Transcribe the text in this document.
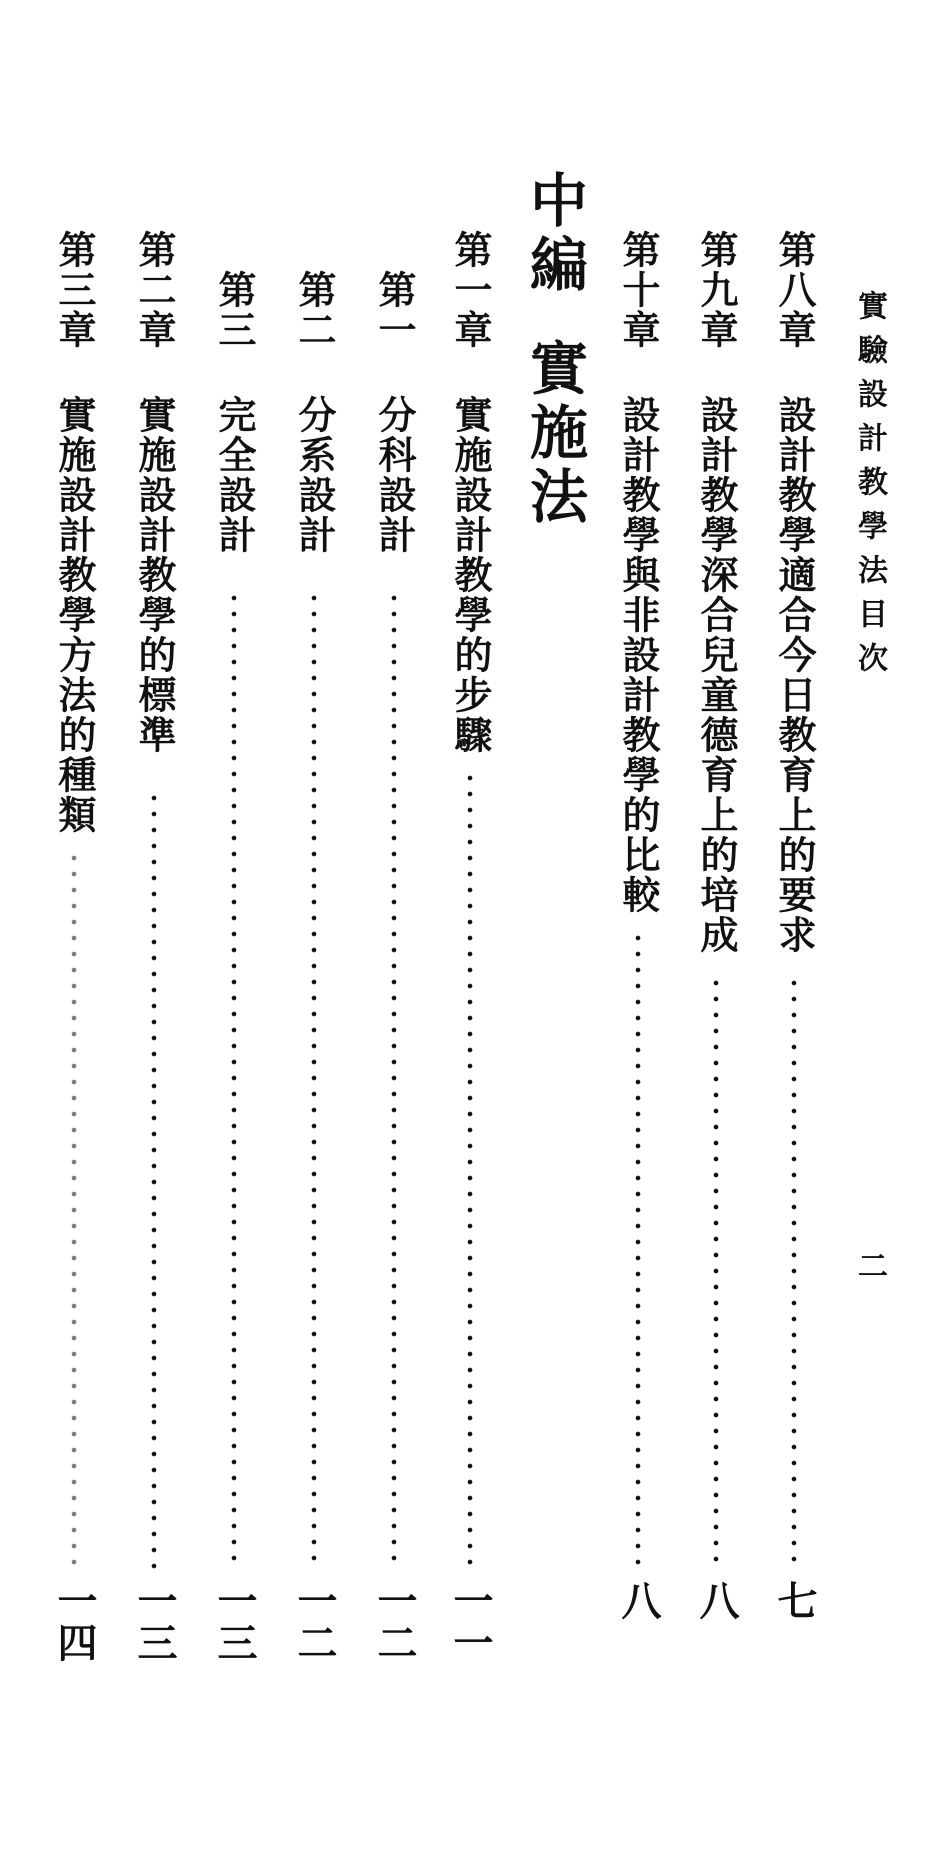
實驗設計教學法目次
二
第八章
設計教學適合今日教育上的要求
七
第九章
設計教學深合兒童德育上的培成
八
第十章
設計教學與非設計教學的比較
八
中編
實施法
第一章
實施設計教學的步驟
一一
第一
分科設計
一二
第二
分系設計
一二
第三
完全設計
一三
第二章
實施設計教學的標準
一三
第三章
實施設計教學方法的種類
一四
